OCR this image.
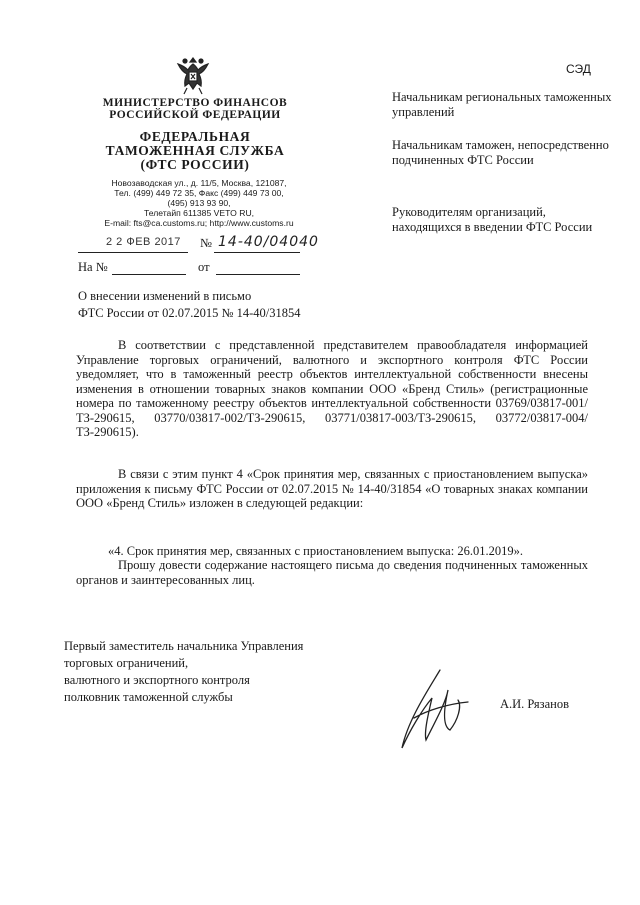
СЭД
МИНИСТЕРСТВО ФИНАНСОВ
РОССИЙСКОЙ ФЕДЕРАЦИИ
ФЕДЕРАЛЬНАЯ
ТАМОЖЕННАЯ СЛУЖБА
(ФТС РОССИИ)
Новозаводская ул., д. 11/5, Москва, 121087,
Тел. (499) 449 72 35, Факс (499) 449 73 00,
(495) 913 93 90,
Телетайп 611385 VETO RU,
E-mail: fts@ca.customs.ru; http://www.customs.ru
Начальникам региональных таможенных управлений
Начальникам таможен, непосредственно подчиненных ФТС России
Руководителям организаций, находящихся в введении ФТС России
2 2 ФЕВ 2017 № 14-40/04040
На №	от
О внесении изменений в письмо
ФТС России от 02.07.2015 № 14-40/31854
В соответствии с представленной представителем правообладателя информацией Управление торговых ограничений, валютного и экспортного контроля ФТС России уведомляет, что в таможенный реестр объектов интеллектуальной собственности внесены изменения в отношении товарных знаков компании ООО «Бренд Стиль» (регистрационные номера по таможенному реестру объектов интеллектуальной собственности 03769/03817-001/ТЗ-290615, 03770/03817-002/ТЗ-290615, 03771/03817-003/ТЗ-290615, 03772/03817-004/ТЗ-290615).
В связи с этим пункт 4 «Срок принятия мер, связанных с приостановлением выпуска» приложения к письму ФТС России от 02.07.2015 № 14-40/31854 «О товарных знаках компании ООО «Бренд Стиль» изложен в следующей редакции:
«4. Срок принятия мер, связанных с приостановлением выпуска: 26.01.2019».
Прошу довести содержание настоящего письма до сведения подчиненных таможенных органов и заинтересованных лиц.
Первый заместитель начальника Управления
торговых ограничений,
валютного и экспортного контроля
полковник таможенной службы	А.И. Рязанов
